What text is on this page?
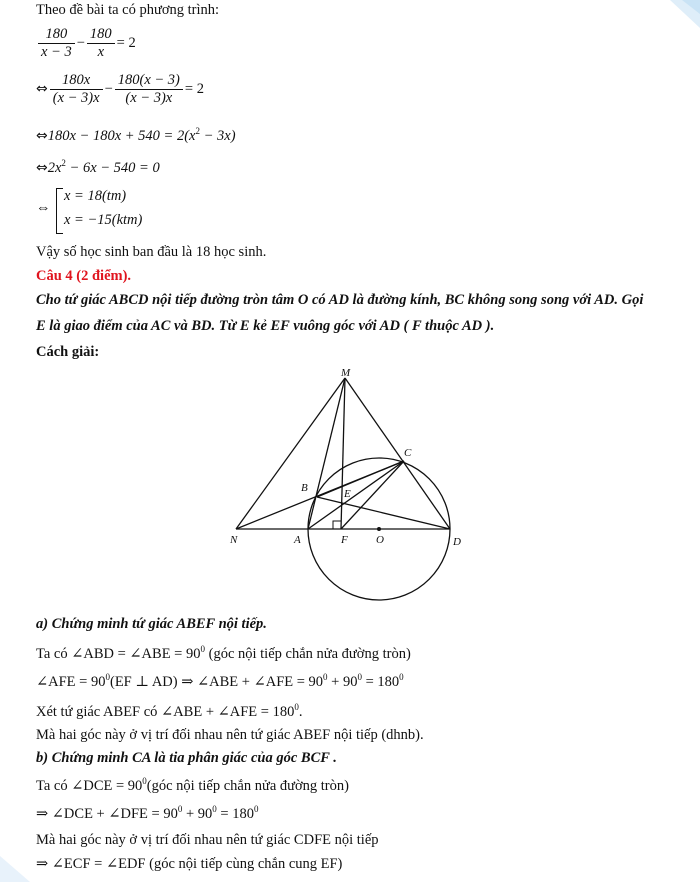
Theo đề bài ta có phương trình:
$\frac{180}{x - 3} - \frac{180}{x} = 2$
⇔ $\frac{180x}{(x - 3)x} - \frac{180(x - 3)}{(x - 3)x} = 2$
⇔180x − $180x + 540 = 2(x^2 - 3x)$
$\Leftrightarrow 2x^2 - 6x - 540 = 0$
⇔
x = 18(tm)
x = −15(ktm)
Vậy số học sinh ban đầu là 18 học sinh.
Câu 4 (2 điểm).
Cho tứ giác ABCD nội tiếp đường tròn tâm O có AD là đường kính, BC không song song với AD. Gọi
E là giao điểm của AC và BD. Từ E kẻ EF vuông góc với AD ( F thuộc AD ).
Cách giải:
M
C
B	E
N	A	F	O	D
a) Chứng minh tứ giác ABEF nội tiếp.
Ta có ∠ABD = ∠ABE = $90^0$ (góc nội tiếp chắn nửa đường tròn)
∠AFE = $90^0(EF$ ⊥ AD) ⇒ ∠ABE + ∠AFE = $90^0 + 90^0 = 180^0$
Xét tứ giác ABEF có ∠ABE + ∠AFE = $180^0$.
Mà hai góc này ở vị trí đối nhau nên tứ giác ABEF nội tiếp (dhnb).
b) Chứng minh CA là tia phân giác của góc BCF .
Ta có ∠DCE = $90^0(góc$ nội tiếp chắn nửa đường tròn)
⇒ ∠DCE + ∠DFE = $90^0 + 90^0 = 180^0$
Mà hai góc này ở vị trí đối nhau nên tứ giác CDFE nội tiếp
⇒ ∠ECF = ∠EDF (góc nội tiếp cùng chắn cung EF)
